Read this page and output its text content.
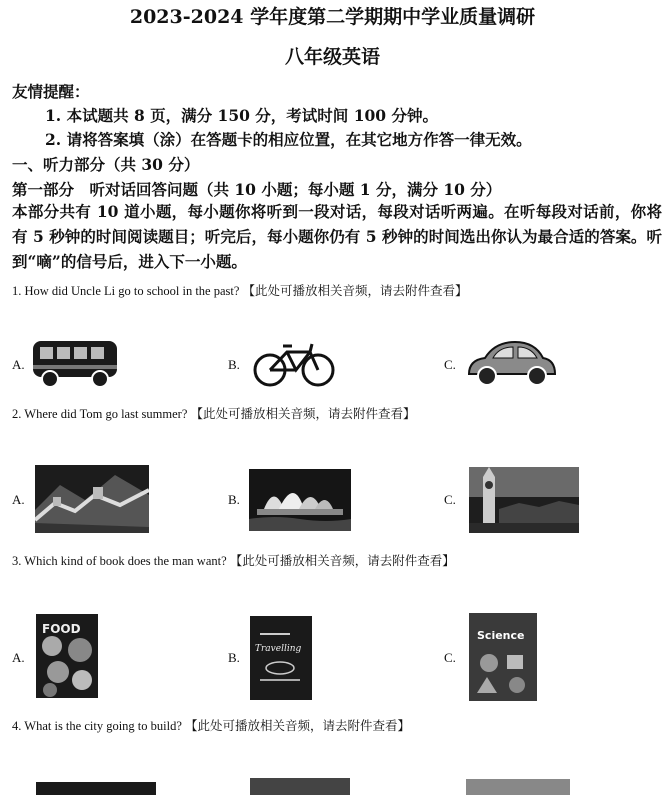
2023-2024 学年度第二学期期中学业质量调研
八年级英语
友情提醒：
1. 本试题共 8 页，满分 150 分，考试时间 100 分钟。
2. 请将答案填（涂）在答题卡的相应位置，在其它地方作答一律无效。
一、听力部分（共 30 分）
第一部分　听对话回答问题（共 10 小题；每小题 1 分，满分 10 分）
本部分共有 10 道小题，每小题你将听到一段对话，每段对话听两遍。在听每段对话前，你将有 5 秒钟的时间阅读题目；听完后，每小题你仍有 5 秒钟的时间选出你认为最合适的答案。听到“嘀”的信号后，进入下一小题。
1. How did Uncle Li go to school in the past? 【此处可播放相关音频，请去附件查看】
A.	B.	C.
2. Where did Tom go last summer? 【此处可播放相关音频，请去附件查看】
A.	B.	C.
3. Which kind of book does the man want? 【此处可播放相关音频，请去附件查看】
A.
FOOD
B.
Travelling
C.
Science
4. What is the city going to build? 【此处可播放相关音频，请去附件查看】
